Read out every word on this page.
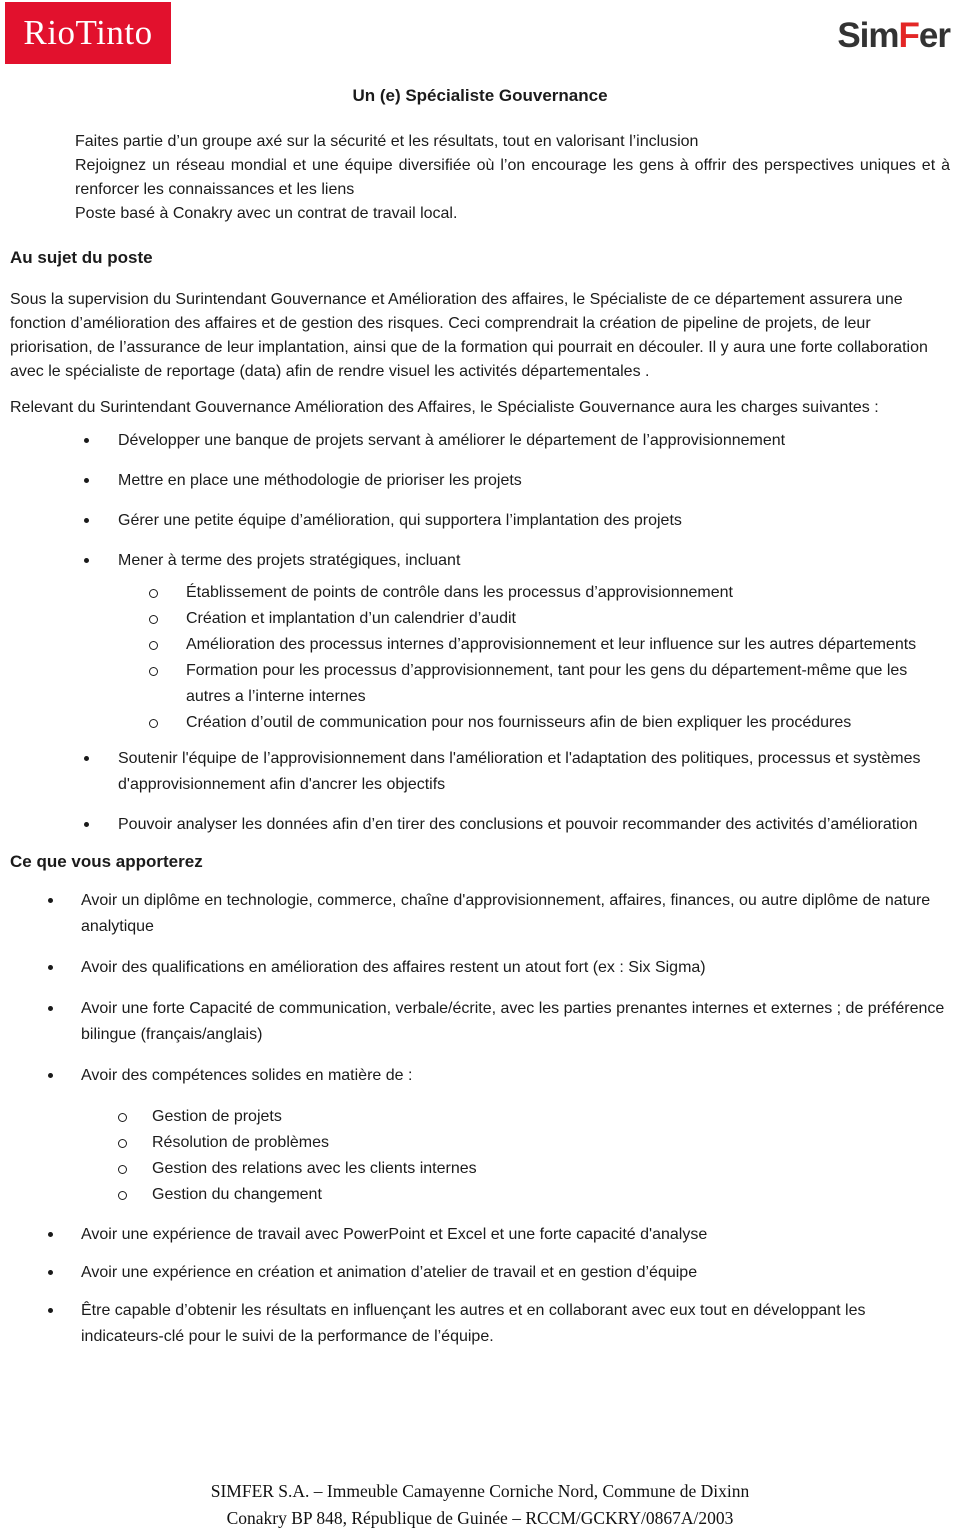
RioTinto	SimFer
Un (e) Spécialiste Gouvernance

Faites partie d’un groupe axé sur la sécurité et les résultats, tout en valorisant l’inclusion

Rejoignez un réseau mondial et une équipe diversifiée où l’on encourage les gens à offrir des perspectives uniques et à renforcer les connaissances et les liens

Poste basé à Conakry avec un contrat de travail local.

Au sujet du poste

Sous la supervision du Surintendant Gouvernance et Amélioration des affaires, le Spécialiste de ce département assurera une fonction d’amélioration des affaires et de gestion des risques. Ceci comprendrait la création de pipeline de projets, de leur priorisation, de l’assurance de leur implantation, ainsi que de la formation qui pourrait en découler. Il y aura une forte collaboration avec le spécialiste de reportage (data) afin de rendre visuel les activités départementales .

Relevant du Surintendant Gouvernance Amélioration des Affaires, le Spécialiste Gouvernance aura les charges suivantes :

Développer une banque de projets servant à améliorer le département de l’approvisionnement
Mettre en place une méthodologie de prioriser les projets
Gérer une petite équipe d’amélioration, qui supportera l’implantation des projets
Mener à terme des projets stratégiques, incluant
Établissement de points de contrôle dans les processus d’approvisionnement
Création et implantation d’un calendrier d’audit
Amélioration des processus internes d’approvisionnement et leur influence sur les autres départements
Formation pour les processus d’approvisionnement, tant pour les gens du département-même que les autres a l’interne internes
Création d’outil de communication pour nos fournisseurs afin de bien expliquer les procédures
Soutenir l'équipe de l’approvisionnement dans l'amélioration et l'adaptation des politiques, processus et systèmes d'approvisionnement afin d'ancrer les objectifs
Pouvoir analyser les données afin d’en tirer des conclusions et pouvoir recommander des activités d’amélioration
Ce que vous apporterez
Avoir un diplôme en technologie, commerce, chaîne d'approvisionnement, affaires, finances, ou autre diplôme de nature analytique
Avoir des qualifications en amélioration des affaires restent un atout fort (ex : Six Sigma)
Avoir une forte Capacité de communication, verbale/écrite, avec les parties prenantes internes et externes ; de préférence bilingue (français/anglais)
Avoir des compétences solides en matière de :
Gestion de projets
Résolution de problèmes
Gestion des relations avec les clients internes
Gestion du changement
Avoir une expérience de travail avec PowerPoint et Excel et une forte capacité d'analyse
Avoir une expérience en création et animation d’atelier de travail et en gestion d’équipe
Être capable d’obtenir les résultats en influençant les autres et en collaborant avec eux tout en développant les indicateurs-clé pour le suivi de la performance de l’équipe.
SIMFER S.A. – Immeuble Camayenne Corniche Nord, Commune de Dixinn
Conakry BP 848, République de Guinée – RCCM/GCKRY/0867A/2003
